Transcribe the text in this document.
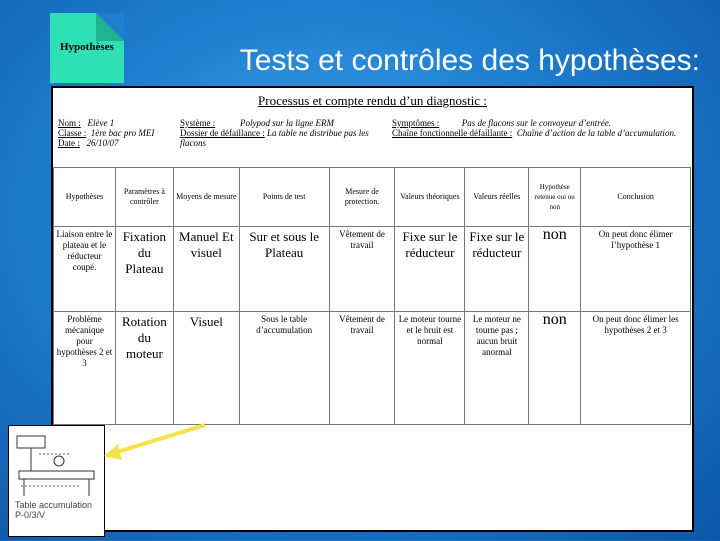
Hypothèses	Tests et contrôles des hypothèses:
Processus et compte rendu d’un diagnostic :
Nom : Elève 1
Classe : 1ère bac pro MEI
Date : 26/10/07
Système :	Polypod sur la ligne ERM
Dossier de défaillance : La table ne distribue pas les flacons
Symptômes :	Pas de flacons sur le convoyeur d’entrée.
Chaîne fonctionnelle défaillante : Chaîne d’action de la table d’accumulation.
Hypothèses	Paramètres à contrôler	Moyens de mesure	Points de test	Mesure de protection.	Valeurs théoriques	Valeurs réelles	Hypothèse retenue oui ou non	Conclusion
Liaison entre le plateau et le réducteur coupé.	Fixation du Plateau	Manuel Et visuel	Sur et sous le Plateau	Vêtement de travail	Fixe sur le réducteur	Fixe sur le réducteur	non	On peut donc élimer l’hypothèse 1
Problème mécanique pour hypothèses 2 et 3	Rotation du moteur	Visuel	Sous le table d’accumulation	Vêtement de travail	Le moteur tourne et le bruit est normal	Le moteur ne tourne pas ; aucun bruit anormal	non	On peut donc élimer les hypothèses 2 et 3
Table accumulation
P-0/3/V
